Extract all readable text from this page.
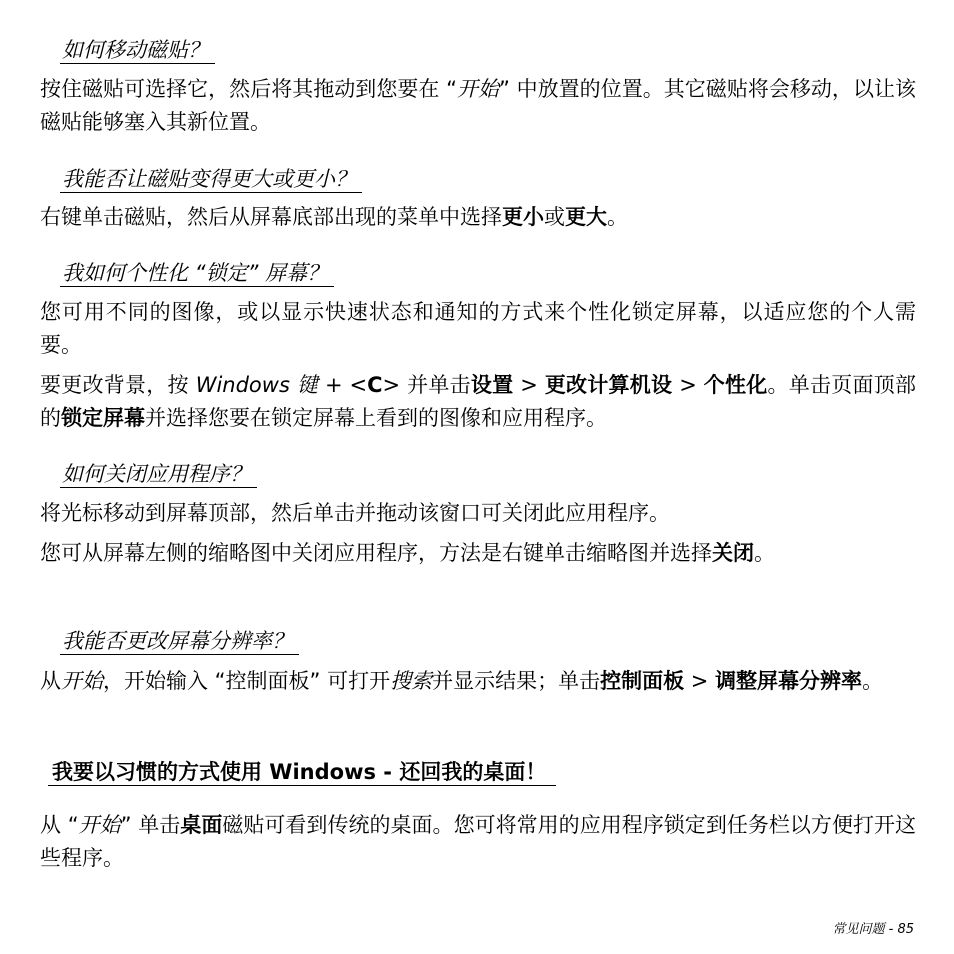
如何移动磁贴？
按住磁贴可选择它，然后将其拖动到您要在 “开始” 中放置的位置。其它磁贴将会移动，以让该磁贴能够塞入其新位置。
我能否让磁贴变得更大或更小？
右键单击磁贴，然后从屏幕底部出现的菜单中选择更小或更大。
我如何个性化 “锁定” 屏幕？
您可用不同的图像，或以显示快速状态和通知的方式来个性化锁定屏幕，以适应您的个人需要。
要更改背景，按 Windows 键 + <C> 并单击设置 > 更改计算机设 > 个性化。单击页面顶部的锁定屏幕并选择您要在锁定屏幕上看到的图像和应用程序。
如何关闭应用程序？
将光标移动到屏幕顶部，然后单击并拖动该窗口可关闭此应用程序。
您可从屏幕左侧的缩略图中关闭应用程序，方法是右键单击缩略图并选择关闭。
我能否更改屏幕分辨率？
从开始，开始输入 “控制面板” 可打开搜索并显示结果；单击控制面板 > 调整屏幕分辨率。
我要以习惯的方式使用 Windows - 还回我的桌面！
从 “开始” 单击桌面磁贴可看到传统的桌面。您可将常用的应用程序锁定到任务栏以方便打开这些程序。
常见问题 - 85
